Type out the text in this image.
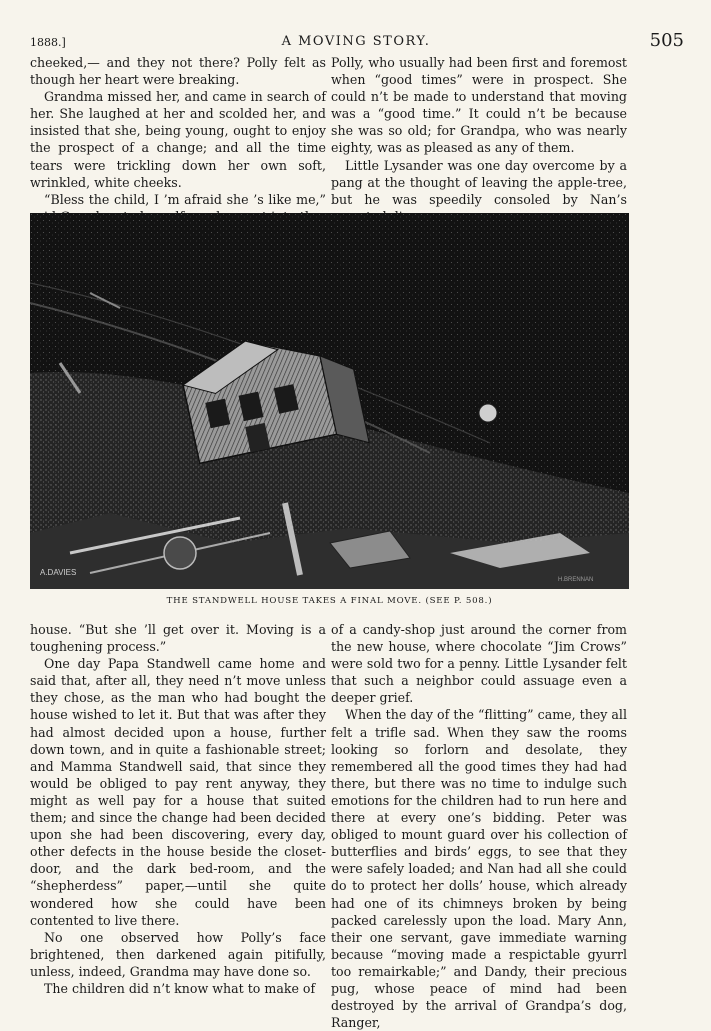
1888.]	A MOVING STORY.	505

cheeked,— and they not there? Polly felt as though her heart were breaking.

Grandma missed her, and came in search of her. She laughed at her and scolded her, and insisted that she, being young, ought to enjoy the prospect of a change; and all the time tears were trickling down her own soft, wrinkled, white cheeks.

“Bless the child, I ’m afraid she ’s like me,”

Polly, who usually had been first and foremost when “good times” were in prospect. She could n’t be made to understand that moving was a “good time.” It could n’t be because she was so old; for Grandpa, who was nearly eighty, was as pleased as any of them.

Little Lysander was one day overcome by a pang at the thought of leaving the apple-tree, but he was speedily consoled by Nan’s

A.DAVIES
H.BRENNAN
THE STANDWELL HOUSE TAKES A FINAL MOVE. (SEE P. 508.)

house. “But she ’ll get over it. Moving is a toughening process.”

One day Papa Standwell came home and said that, after all, they need n’t move unless they chose, as the man who had bought the house wished to let it. But that was after they had almost decided upon a house, further down town, and in quite a fashionable street; and Mamma Standwell said, that since they would be obliged to pay rent anyway, they might as well pay for a house that suited them; and since the change had been decided upon she had been discovering, every day, other defects in the house beside the closet-door, and the dark bed-room, and the “shepherdess” paper,—until she quite wondered how she could have been contented to live there.

No one observed how Polly’s face brightened, then darkened again pitifully, unless, indeed, Grandma may have done so.

The children did n’t know what to make of

of a candy-shop just around the corner from the new house, where chocolate “Jim Crows” were sold two for a penny. Little Lysander felt that such a neighbor could assuage even a deeper grief.

When the day of the “flitting” came, they all felt a trifle sad. When they saw the rooms looking so forlorn and desolate, they remembered all the good times they had had there, but there was no time to indulge such emotions for the children had to run here and there at every one’s bidding. Peter was obliged to mount guard over his collection of butterflies and birds’ eggs, to see that they were safely loaded; and Nan had all she could do to protect her dolls’ house, which already had one of its chimneys broken by being packed carelessly upon the load. Mary Ann, their one servant, gave immediate warning because “moving made a respictable gyurrl too remairkable;” and Dandy, their precious pug, whose peace of mind had been destroyed by the arrival of Grandpa’s dog, Ranger,
